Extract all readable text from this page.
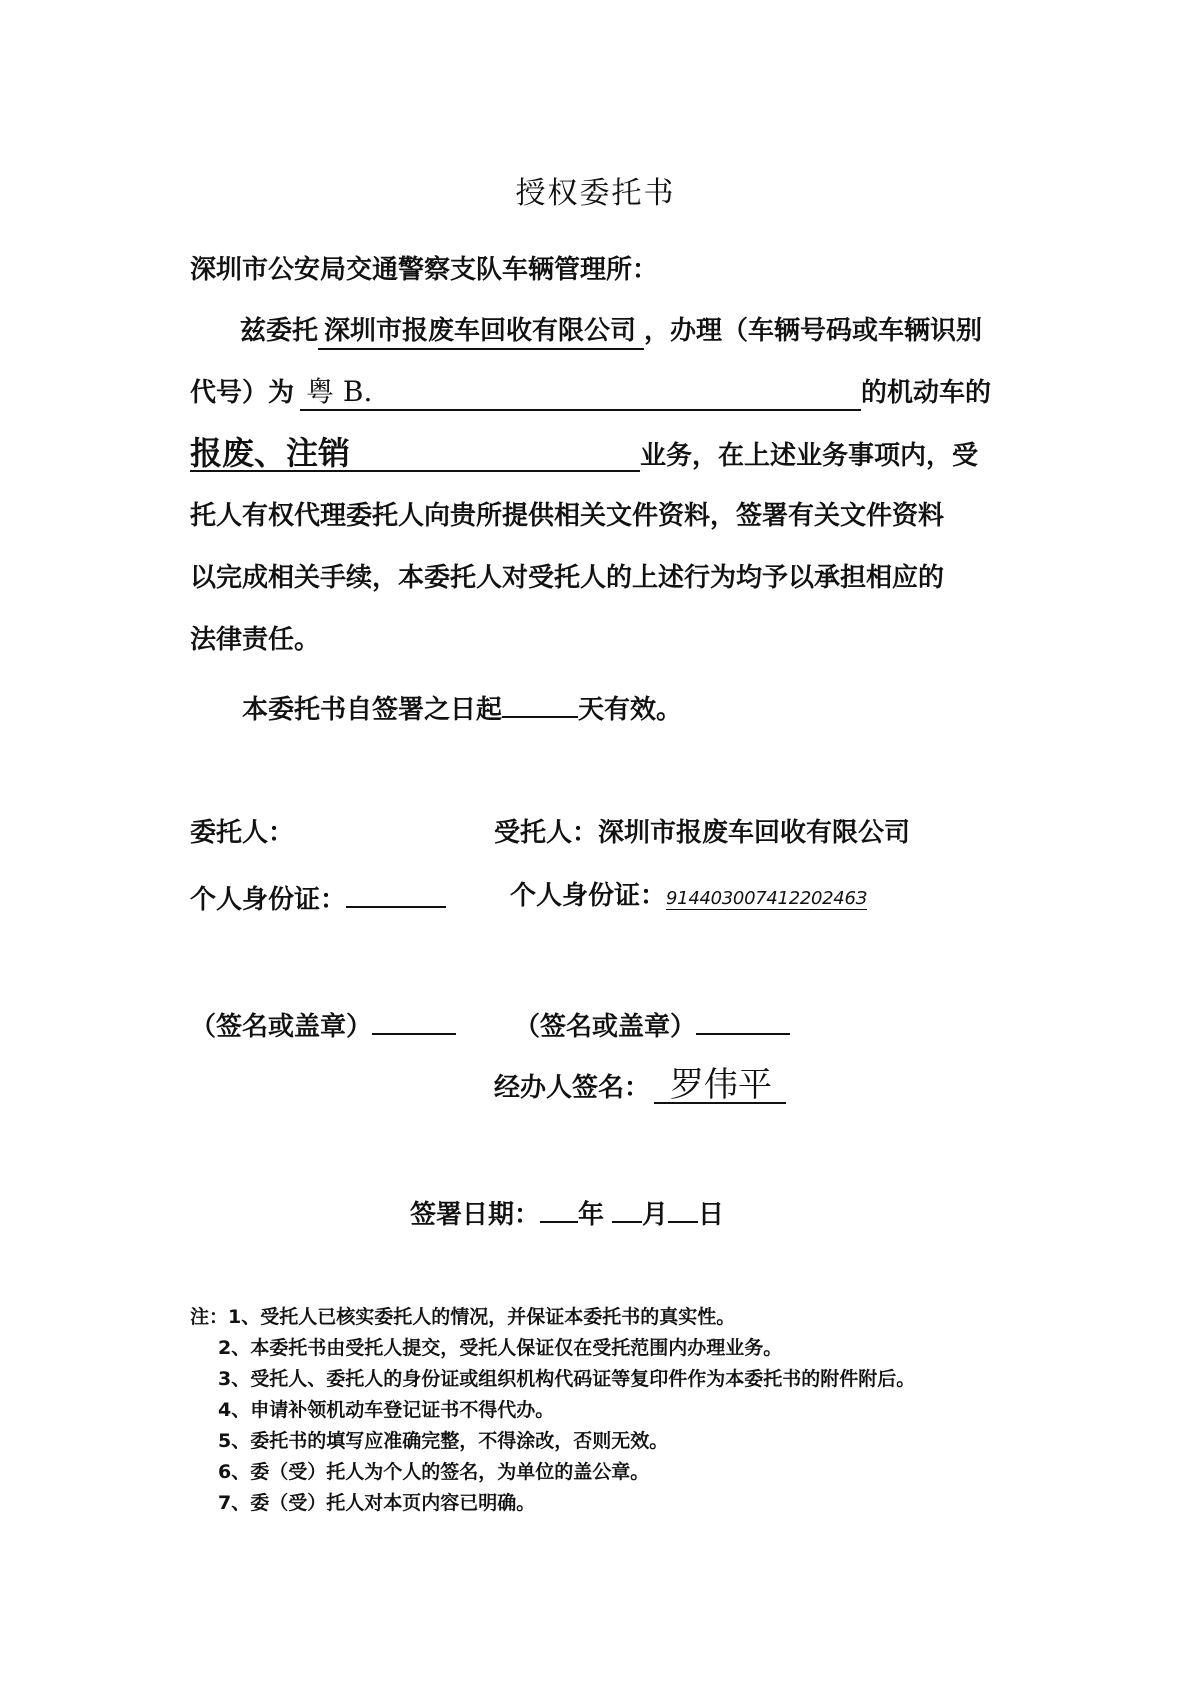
授权委托书
深圳市公安局交通警察支队车辆管理所：
兹委托 深圳市报废车回收有限公司 ，办理（车辆号码或车辆识别
代号）为 粤 B.	的机动车的
报废、注销	业务，在上述业务事项内，受
托人有权代理委托人向贵所提供相关文件资料，签署有关文件资料
以完成相关手续，本委托人对受托人的上述行为均予以承担相应的
法律责任。
本委托书自签署之日起	天有效。
委托人：	受托人：深圳市报废车回收有限公司
个人身份证：	个人身份证：91440300741220246З
（签名或盖章）	（签名或盖章）
经办人签名： 罗伟平
签署日期： 年 月 日
注：1、受托人已核实委托人的情况，并保证本委托书的真实性。
2、本委托书由受托人提交，受托人保证仅在受托范围内办理业务。
3、受托人、委托人的身份证或组织机构代码证等复印件作为本委托书的附件附后。
4、申请补领机动车登记证书不得代办。
5、委托书的填写应准确完整，不得涂改，否则无效。
6、委（受）托人为个人的签名，为单位的盖公章。
7、委（受）托人对本页内容已明确。
